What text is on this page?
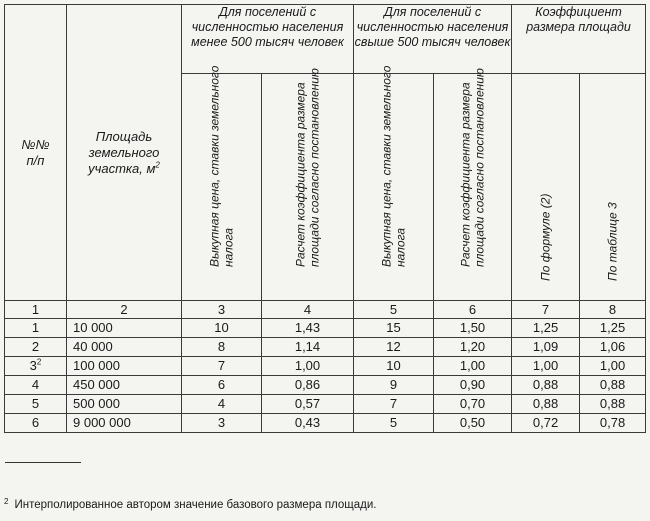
№№ п/п	Площадь земельного участка, $м^2$	Для поселений с численностью населения менее 500 тысяч человек		Для поселений с численностью населения свыше 500 тысяч человек		Коэффициент размера площади	

		Выкупная цена, ставки земельного налога	Расчет коэффициента размера площади согласно постановлению	Выкупная цена, ставки земельного налога	Расчет коэффициента размера площади согласно постановлению	По формуле (2)	По таблице 3

1	2	3	4	5	6	7	8
1	10 000	10	1,43	15	1,50	1,25	1,25
2	40 000	8	1,14	12	1,20	1,09	1,06
$3^2$	100 000	7	1,00	10	1,00	1,00	1,00
4	450 000	6	0,86	9	0,90	0,88	0,88
5	500 000	4	0,57	7	0,70	0,88	0,88
6	9 000 000	3	0,43	5	0,50	0,72	0,78
$^2$ Интерполированное автором значение базового размера площади.
